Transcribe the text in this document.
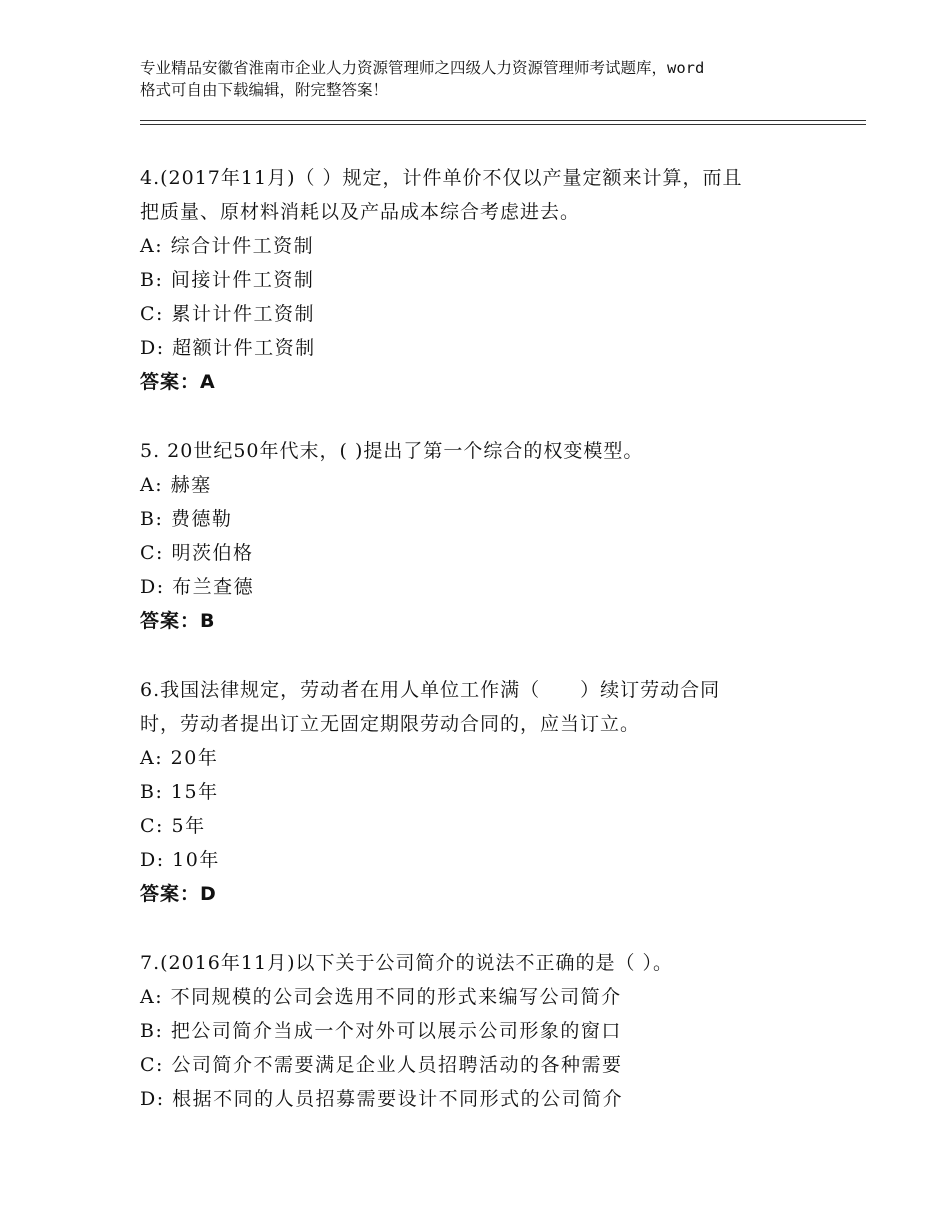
专业精品安徽省淮南市企业人力资源管理师之四级人力资源管理师考试题库，word
格式可自由下载编辑，附完整答案！
4.(2017年11月)（ ）规定，计件单价不仅以产量定额来计算，而且
把质量、原材料消耗以及产品成本综合考虑进去。
A: 综合计件工资制
B: 间接计件工资制
C: 累计计件工资制
D: 超额计件工资制
答案：A
5. 20世纪50年代末，( )提出了第一个综合的权变模型。
A: 赫塞
B: 费德勒
C: 明茨伯格
D: 布兰查德
答案：B
6.我国法律规定，劳动者在用人单位工作满（　　）续订劳动合同
时，劳动者提出订立无固定期限劳动合同的，应当订立。
A: 20年
B: 15年
C: 5年
D: 10年
答案：D
7.(2016年11月)以下关于公司简介的说法不正确的是（ ）。
A: 不同规模的公司会选用不同的形式来编写公司简介
B: 把公司简介当成一个对外可以展示公司形象的窗口
C: 公司简介不需要满足企业人员招聘活动的各种需要
D: 根据不同的人员招募需要设计不同形式的公司简介
